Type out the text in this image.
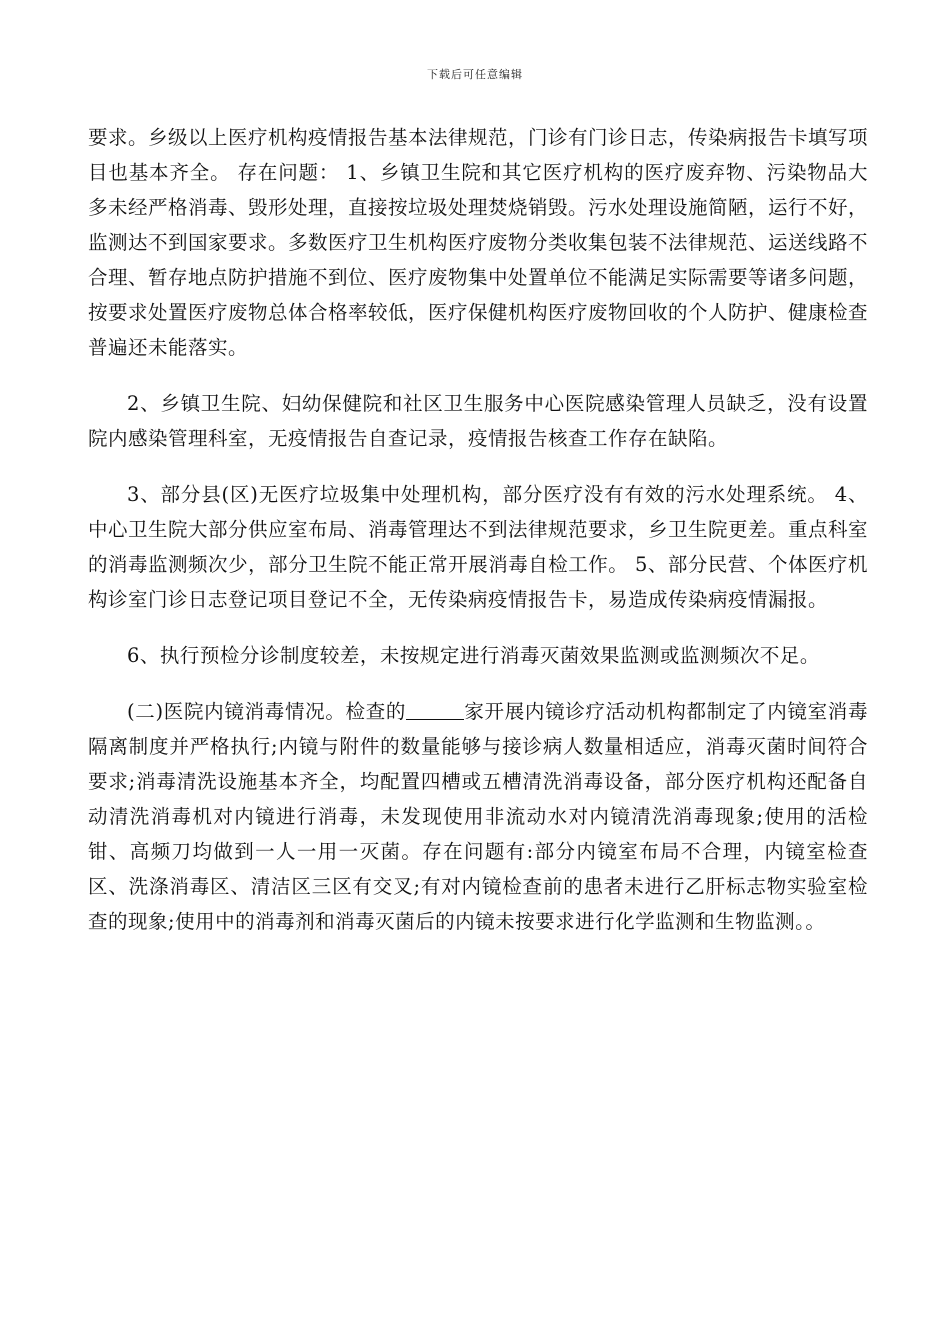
下载后可任意编辑

要求。乡级以上医疗机构疫情报告基本法律规范，门诊有门诊日志，传染病报告卡填写项目也基本齐全。 存在问题： 1、乡镇卫生院和其它医疗机构的医疗废弃物、污染物品大多未经严格消毒、毁形处理，直接按垃圾处理焚烧销毁。污水处理设施简陋，运行不好，监测达不到国家要求。多数医疗卫生机构医疗废物分类收集包装不法律规范、运送线路不合理、暂存地点防护措施不到位、医疗废物集中处置单位不能满足实际需要等诸多问题，按要求处置医疗废物总体合格率较低，医疗保健机构医疗废物回收的个人防护、健康检查普遍还未能落实。

2、乡镇卫生院、妇幼保健院和社区卫生服务中心医院感染管理人员缺乏，没有设置院内感染管理科室，无疫情报告自查记录，疫情报告核查工作存在缺陷。

3、部分县(区)无医疗垃圾集中处理机构，部分医疗没有有效的污水处理系统。 4、中心卫生院大部分供应室布局、消毒管理达不到法律规范要求，乡卫生院更差。重点科室的消毒监测频次少，部分卫生院不能正常开展消毒自检工作。 5、部分民营、个体医疗机构诊室门诊日志登记项目登记不全，无传染病疫情报告卡，易造成传染病疫情漏报。

6、执行预检分诊制度较差，未按规定进行消毒灭菌效果监测或监测频次不足。

(二)医院内镜消毒情况。检查的	家开展内镜诊疗活动机构都制定了内镜室消毒隔离制度并严格执行;内镜与附件的数量能够与接诊病人数量相适应，消毒灭菌时间符合要求;消毒清洗设施基本齐全，均配置四槽或五槽清洗消毒设备，部分医疗机构还配备自动清洗消毒机对内镜进行消毒，未发现使用非流动水对内镜清洗消毒现象;使用的活检钳、高频刀均做到一人一用一灭菌。存在问题有:部分内镜室布局不合理，内镜室检查区、洗涤消毒区、清洁区三区有交叉;有对内镜检查前的患者未进行乙肝标志物实验室检查的现象;使用中的消毒剂和消毒灭菌后的内镜未按要求进行化学监测和生物监测。。
